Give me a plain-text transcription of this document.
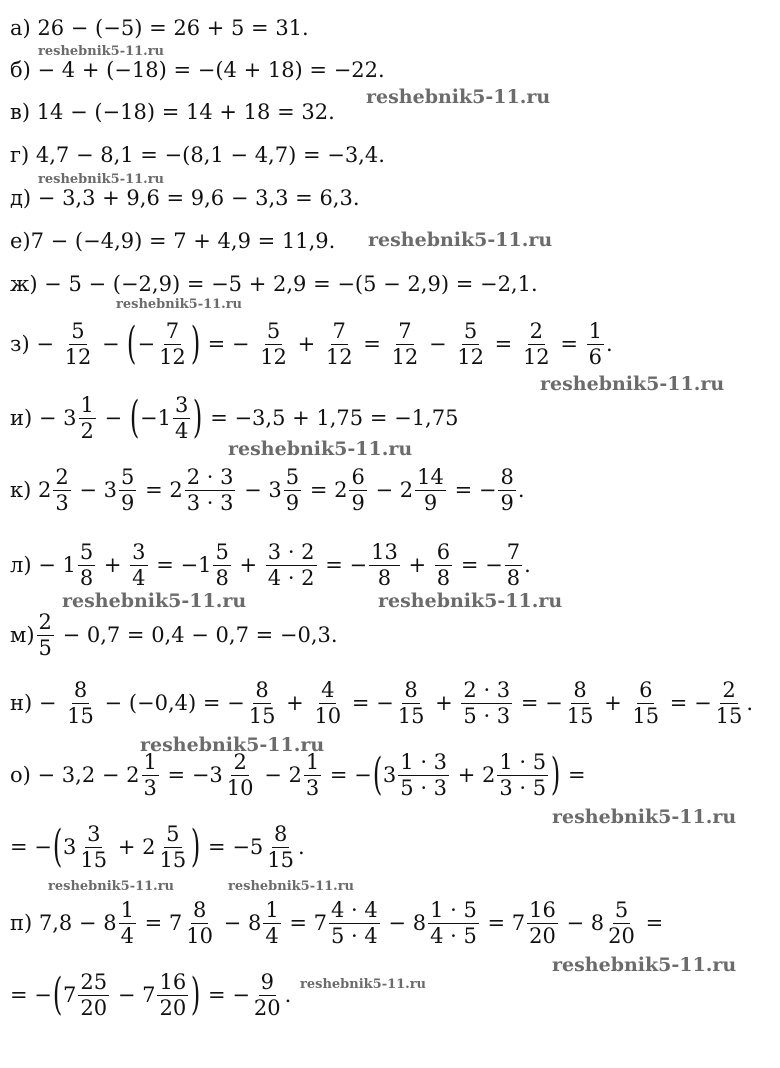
а) 26 − (−5) = 26 + 5 = 31.
б) − 4 + (−18) = −(4 + 18) = −22.
в) 14 − (−18) = 14 + 18 = 32.
г) 4,7 − 8,1 = −(8,1 − 4,7) = −3,4.
д) − 3,3 + 9,6 = 9,6 − 3,3 = 6,3.
е)7 − (−4,9) = 7 + 4,9 = 11,9.
ж) − 5 − (−2,9) = −5 + 2,9 = −(5 − 2,9) = −2,1.
$з) - \frac{5}{12}$ − ( − $\frac{7}{12}$ ) = − $\frac{5}{12} + \frac{7}{12} = \frac{7}{12} - \frac{5}{12} = \frac{2}{12} = \frac{1}{6}$ .
$и) - 3 \frac{1}{2}$ − ( $-1 \frac{3}{4}$ ) = −3,5 + 1,75 = −1,75
к) $2 \frac{2}{3} - 3 \frac{5}{9} = 2 \frac{2 \cdot 3}{3 \cdot 3} - 3 \frac{5}{9} = 2 \frac{6}{9} - 2 \frac{14}{9}$ = − $\frac{8}{9}$ .
$л) - 1 \frac{5}{8} + \frac{3}{4} = -1 \frac{5}{8} + \frac{3 \cdot 2}{4 \cdot 2}$ = − $\frac{13}{8} + \frac{6}{8}$ = − $\frac{7}{8}$ .
$м) \frac{2}{5} - 0,7 = 0,4 - 0,7 = -0,3$.
$н) - \frac{8}{15} - (-0,4)$ = − $\frac{8}{15} + \frac{4}{10}$ = − $\frac{8}{15} + \frac{2 \cdot 3}{5 \cdot 3}$ = − $\frac{8}{15} + \frac{6}{15}$ = − $\frac{2}{15}$ .
$о) - 3,2 - 2 \frac{1}{3} = -3 \frac{2}{10} - 2 \frac{1}{3}$ = − ( $3 \frac{1 \cdot 3}{5 \cdot 3} + 2 \frac{1 \cdot 5}{3 \cdot 5}$ ) =
= − ( $3 \frac{3}{15} + 2 \frac{5}{15}$ ) = $-5 \frac{8}{15}$ .
п) $7,8 - 8 \frac{1}{4} = 7 \frac{8}{10} - 8 \frac{1}{4} = 7 \frac{4 \cdot 4}{5 \cdot 4} - 8 \frac{1 \cdot 5}{4 \cdot 5} = 7 \frac{16}{20} - 8 \frac{5}{20}$ =
= − ( $7 \frac{25}{20} - 7 \frac{16}{20}$ ) = − $\frac{9}{20}$ .
reshebnik5-11.ru
reshebnik5-11.ru
reshebnik5-11.ru
reshebnik5-11.ru
reshebnik5-11.ru
reshebnik5-11.ru
reshebnik5-11.ru
reshebnik5-11.ru	reshebnik5-11.ru
reshebnik5-11.ru
reshebnik5-11.ru
reshebnik5-11.ru	reshebnik5-11.ru
reshebnik5-11.ru
reshebnik5-11.ru
